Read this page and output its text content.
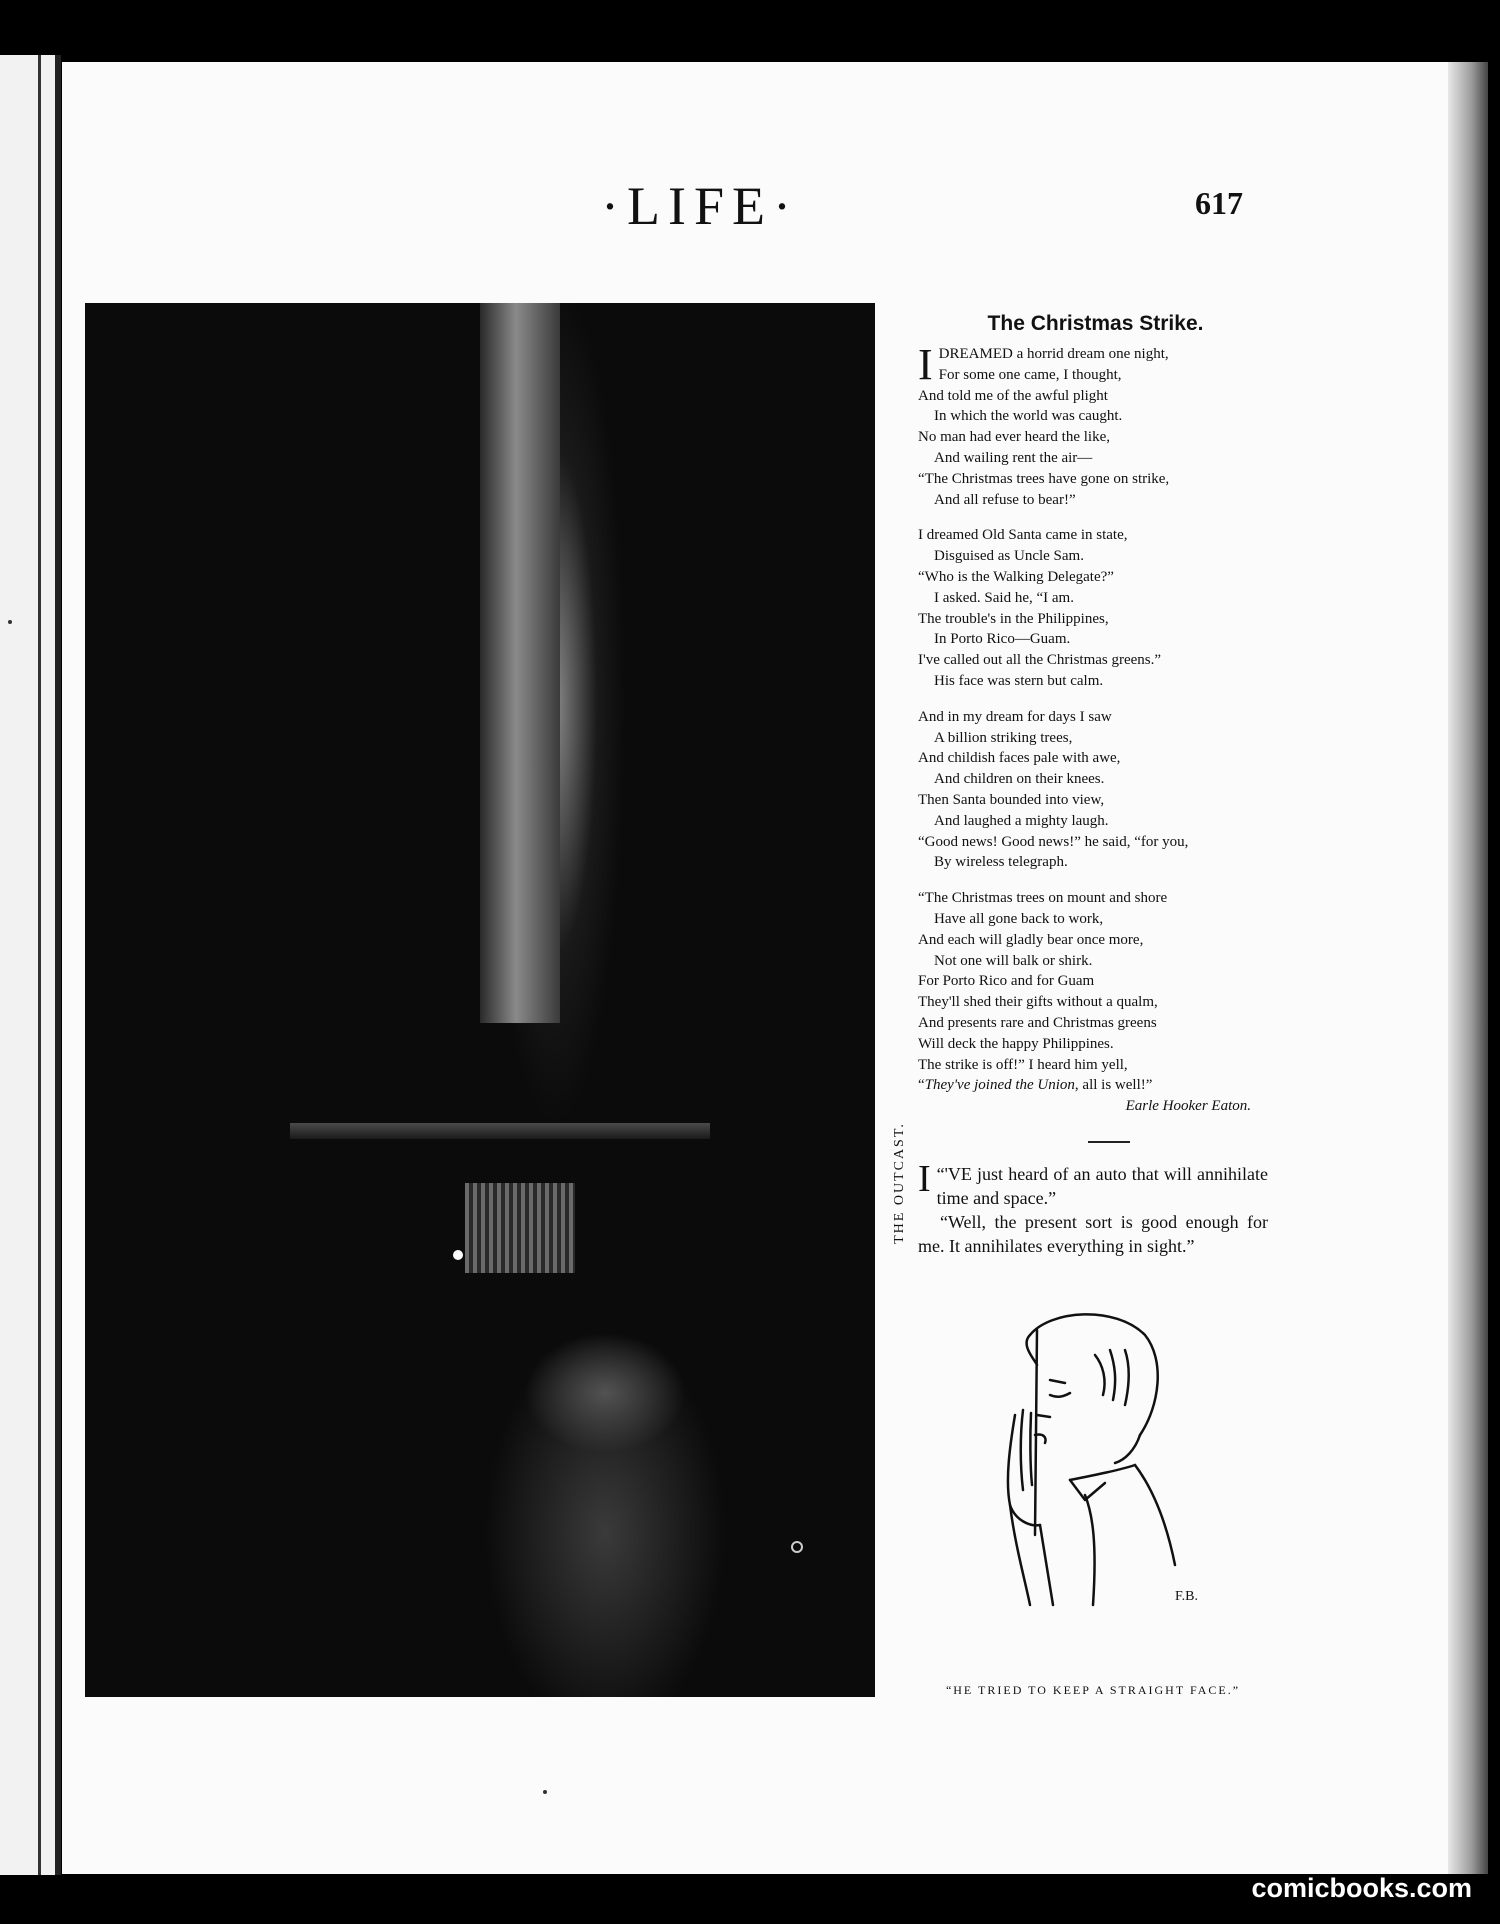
·LIFE·	617
THE OUTCAST.
The Christmas Strike.
I DREAMED a horrid dream one night,
For some one came, I thought,
And told me of the awful plight
In which the world was caught.
No man had ever heard the like,
And wailing rent the air—
“The Christmas trees have gone on strike,
And all refuse to bear!”
I dreamed Old Santa came in state,
Disguised as Uncle Sam.
“Who is the Walking Delegate?”
I asked. Said he, “I am.
The trouble's in the Philippines,
In Porto Rico—Guam.
I've called out all the Christmas greens.”
His face was stern but calm.
And in my dream for days I saw
A billion striking trees,
And childish faces pale with awe,
And children on their knees.
Then Santa bounded into view,
And laughed a mighty laugh.
“Good news! Good news!” he said, “for you,
By wireless telegraph.
“The Christmas trees on mount and shore
Have all gone back to work,
And each will gladly bear once more,
Not one will balk or shirk.
For Porto Rico and for Guam
They'll shed their gifts without a qualm,
And presents rare and Christmas greens
Will deck the happy Philippines.
The strike is off!” I heard him yell,
“They've joined the Union, all is well!”
Earle Hooker Eaton.

“
I 'VE just heard of an auto that will annihilate time and space.”

“Well, the present sort is good enough for me. It annihilates everything in sight.”

F.B.
“HE TRIED TO KEEP A STRAIGHT FACE.”
comicbooks.com
